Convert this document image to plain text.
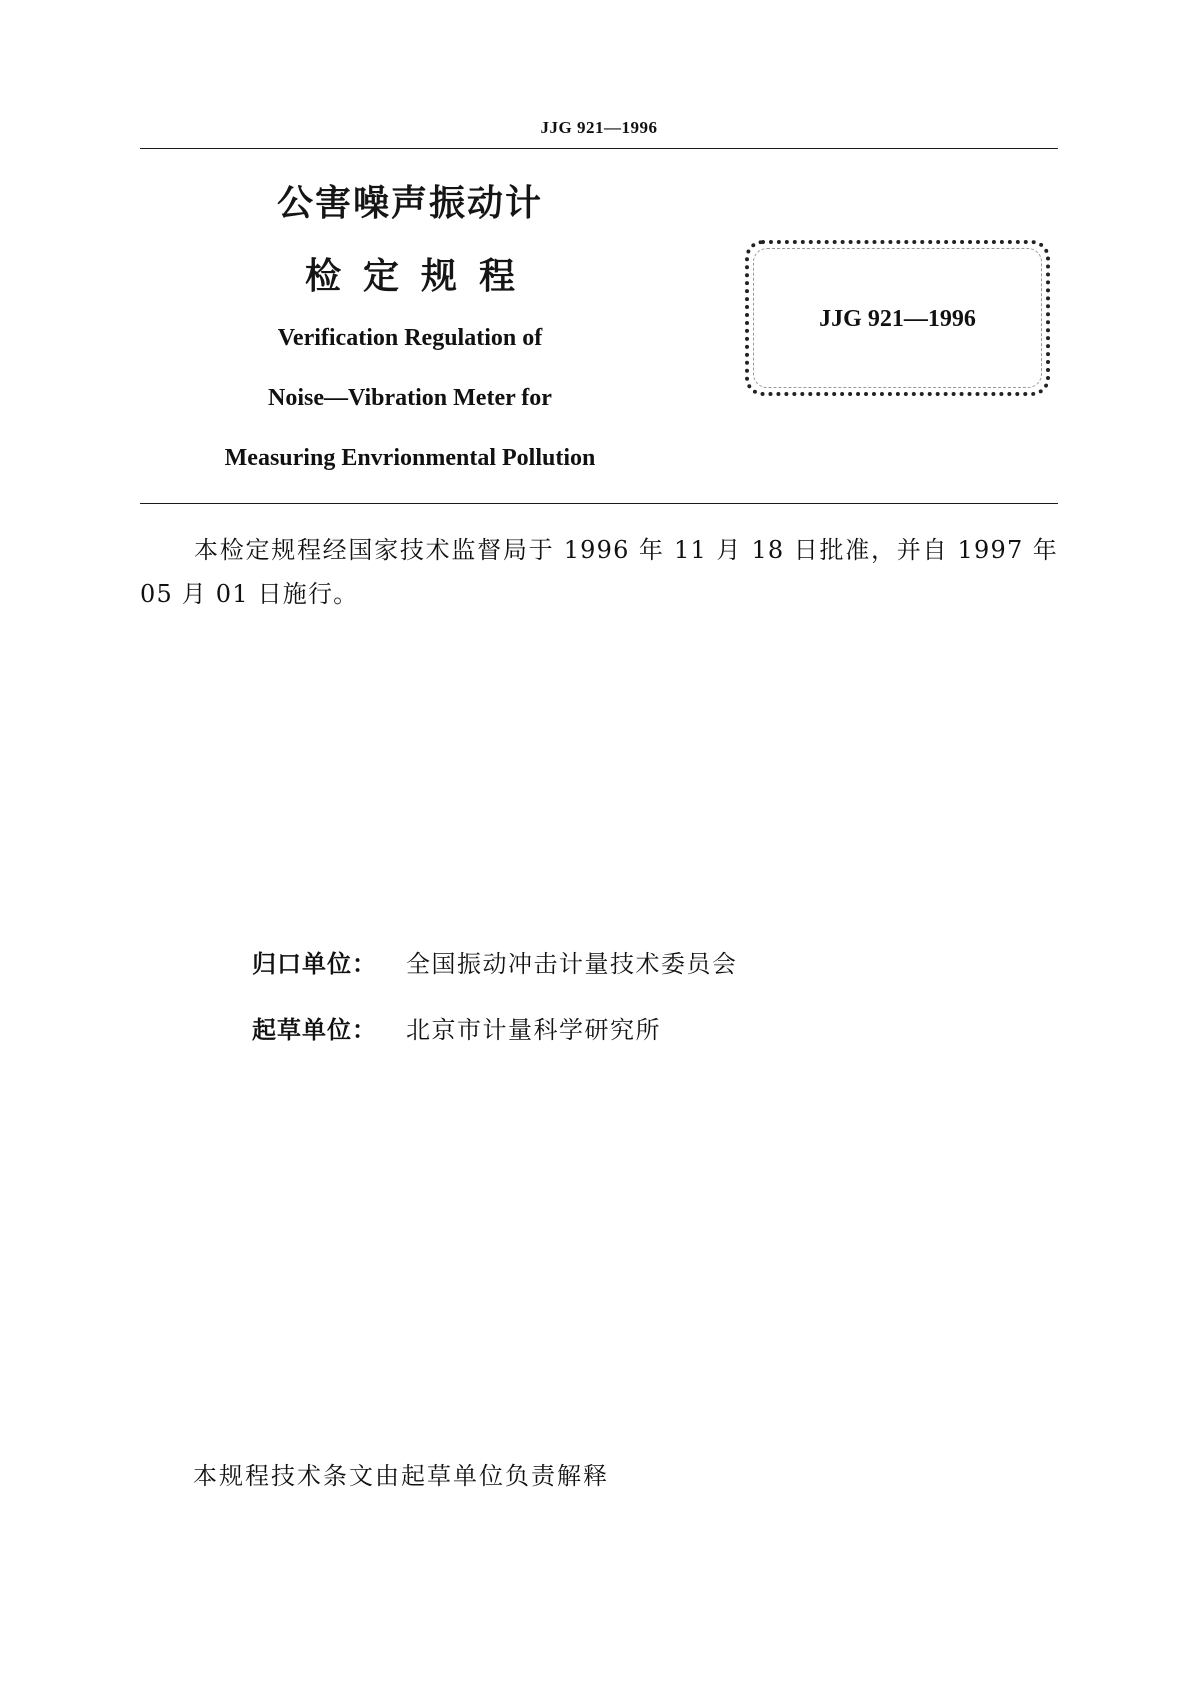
JJG 921—1996
公害噪声振动计
检定规程
Verification Regulation of
Noise—Vibration Meter for
Measuring Envrionmental Pollution
JJG 921—1996
本检定规程经国家技术监督局于 1996 年 11 月 18 日批准，并自 1997 年 05 月 01 日施行。
归口单位： 全国振动冲击计量技术委员会
起草单位： 北京市计量科学研究所
本规程技术条文由起草单位负责解释
